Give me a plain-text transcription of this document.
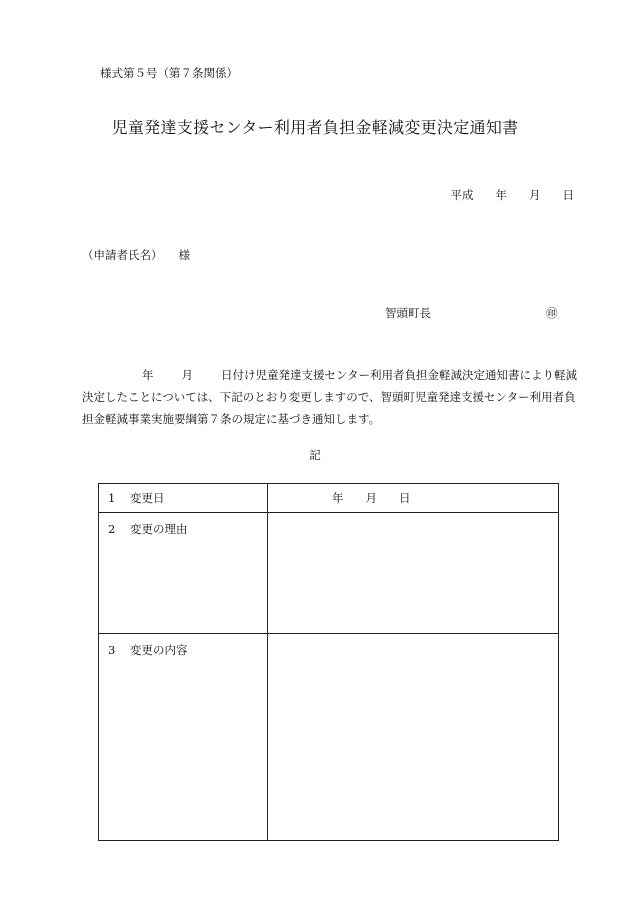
様式第５号（第７条関係）
児童発達支援センター利用者負担金軽減変更決定通知書
平成 年 月 日
（申請者氏名） 様
智頭町長	㊞
年 月 日付け児童発達支援センター利用者負担金軽減決定通知書により軽減
決定したことについては、下記のとおり変更しますので、智頭町児童発達支援センター利用者負
担金軽減事業実施要綱第７条の規定に基づき通知します。
記
1 変更日	年 月 日

2 変更の理由	
3 変更の内容	
